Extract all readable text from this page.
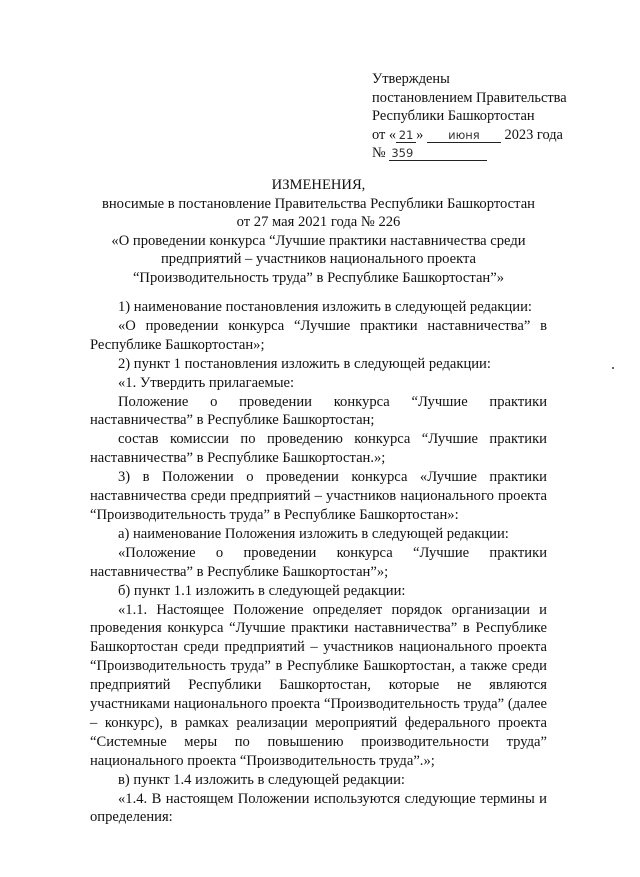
Утверждены
постановлением Правительства
Республики Башкортостан
от « 21 » июня 2023 года
№ 359
ИЗМЕНЕНИЯ,
вносимые в постановление Правительства Республики Башкортостан
от 27 мая 2021 года № 226
«О проведении конкурса “Лучшие практики наставничества среди
предприятий – участников национального проекта
“Производительность труда” в Республике Башкортостан”»

1) наименование постановления изложить в следующей редакции:

«О проведении конкурса “Лучшие практики наставничества” в Республике Башкортостан»;

2) пункт 1 постановления изложить в следующей редакции:

«1. Утвердить прилагаемые:

Положение о проведении конкурса “Лучшие практики наставничества” в Республике Башкортостан;

состав комиссии по проведению конкурса “Лучшие практики наставничества” в Республике Башкортостан.»;

3) в Положении о проведении конкурса «Лучшие практики наставничества среди предприятий – участников национального проекта “Производительность труда” в Республике Башкортостан»:

а) наименование Положения изложить в следующей редакции:

«Положение о проведении конкурса “Лучшие практики наставничества” в Республике Башкортостан”»;

б) пункт 1.1 изложить в следующей редакции:

«1.1. Настоящее Положение определяет порядок организации и проведения конкурса “Лучшие практики наставничества” в Республике Башкортостан среди предприятий – участников национального проекта “Производительность труда” в Республике Башкортостан, а также среди предприятий Республики Башкортостан, которые не являются участниками национального проекта “Производительность труда” (далее – конкурс), в рамках реализации мероприятий федерального проекта “Системные меры по повышению производительности труда” национального проекта “Производительность труда”.»;

в) пункт 1.4 изложить в следующей редакции:

«1.4. В настоящем Положении используются следующие термины и определения:
